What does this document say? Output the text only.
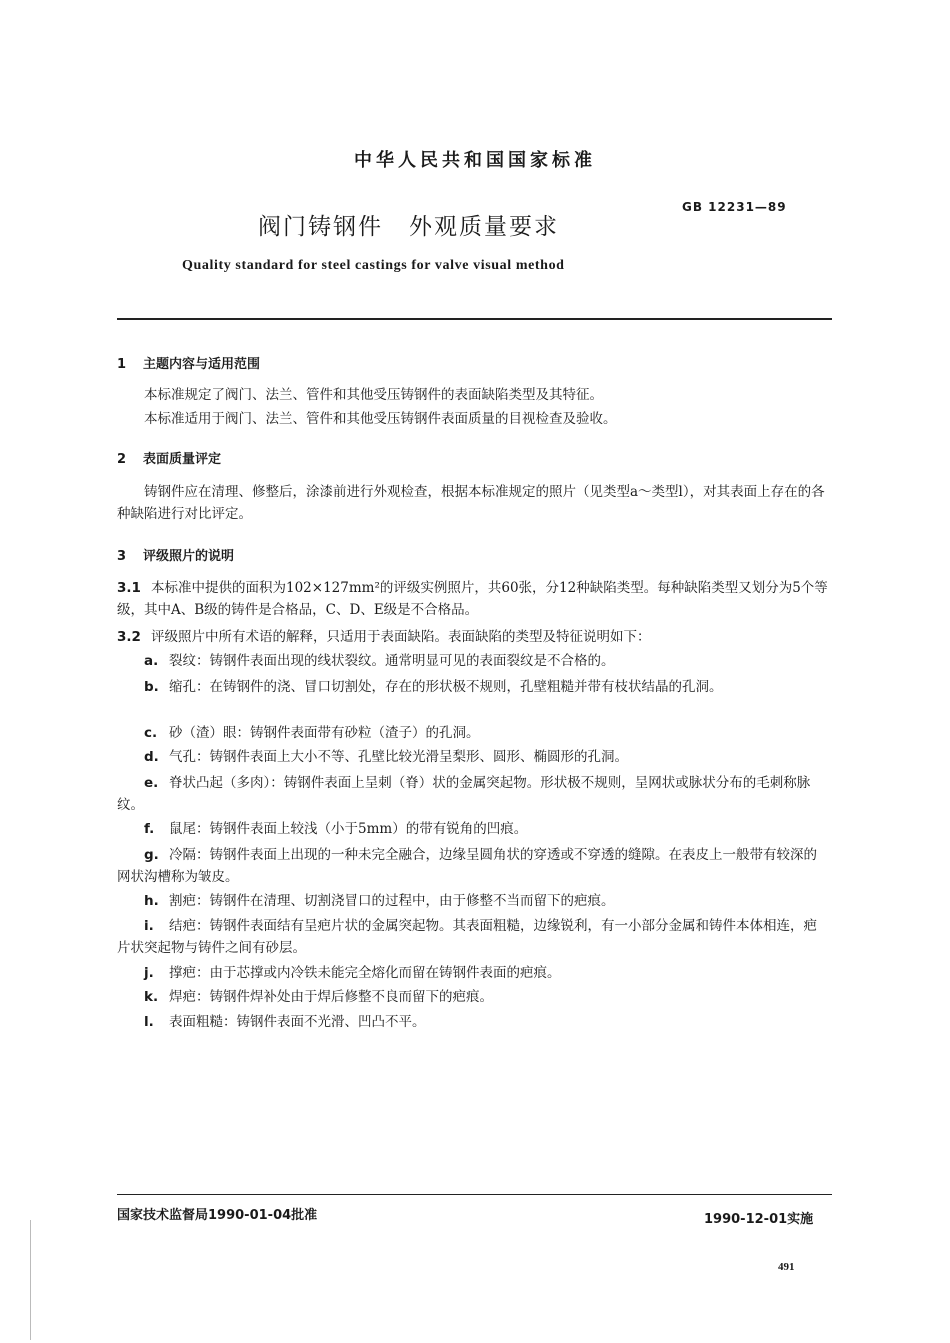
中华人民共和国国家标准
GB 12231—89
阀门铸钢件 外观质量要求
Quality standard for steel castings for valve visual method
1 主题内容与适用范围
本标准规定了阀门、法兰、管件和其他受压铸钢件的表面缺陷类型及其特征。
本标准适用于阀门、法兰、管件和其他受压铸钢件表面质量的目视检查及验收。
2 表面质量评定
铸钢件应在清理、修整后，涂漆前进行外观检查，根据本标准规定的照片（见类型a～类型l），对其表面上存在的各种缺陷进行对比评定。
3 评级照片的说明
3.1 本标准中提供的面积为102×127mm²的评级实例照片，共60张，分12种缺陷类型。每种缺陷类型又划分为5个等级，其中A、B级的铸件是合格品，C、D、E级是不合格品。
3.2 评级照片中所有术语的解释，只适用于表面缺陷。表面缺陷的类型及特征说明如下：
a. 裂纹：铸钢件表面出现的线状裂纹。通常明显可见的表面裂纹是不合格的。
b. 缩孔：在铸钢件的浇、冒口切割处，存在的形状极不规则，孔壁粗糙并带有枝状结晶的孔洞。
c. 砂（渣）眼：铸钢件表面带有砂粒（渣子）的孔洞。
d. 气孔：铸钢件表面上大小不等、孔壁比较光滑呈梨形、圆形、椭圆形的孔洞。
e. 脊状凸起（多肉）：铸钢件表面上呈刺（脊）状的金属突起物。形状极不规则，呈网状或脉状分布的毛刺称脉纹。
f. 鼠尾：铸钢件表面上较浅（小于5mm）的带有锐角的凹痕。
g. 冷隔：铸钢件表面上出现的一种未完全融合，边缘呈圆角状的穿透或不穿透的缝隙。在表皮上一般带有较深的网状沟槽称为皱皮。
h. 割疤：铸钢件在清理、切割浇冒口的过程中，由于修整不当而留下的疤痕。
i. 结疤：铸钢件表面结有呈疤片状的金属突起物。其表面粗糙，边缘锐利，有一小部分金属和铸件本体相连，疤片状突起物与铸件之间有砂层。
j. 撑疤：由于芯撑或内冷铁未能完全熔化而留在铸钢件表面的疤痕。
k. 焊疤：铸钢件焊补处由于焊后修整不良而留下的疤痕。
l. 表面粗糙：铸钢件表面不光滑、凹凸不平。
国家技术监督局1990-01-04批准	1990-12-01实施
491
